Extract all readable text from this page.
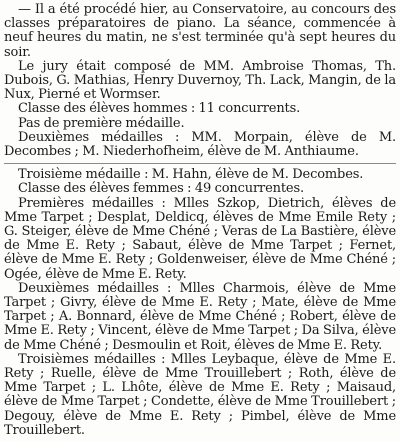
— Il a été procédé hier, au Conservatoire, au concours des classes préparatoires de piano. La séance, commencée à neuf heures du matin, ne s'est terminée qu'à sept heures du soir.

Le jury était composé de MM. Ambroise Thomas, Th. Dubois, G. Mathias, Henry Duvernoy, Th. Lack, Mangin, de la Nux, Pierné et Wormser.

Classe des élèves hommes : 11 concurrents.

Pas de première médaille.

Deuxièmes médailles : MM. Morpain, élève de M. Decombes ; M. Niederhofheim, élève de M. Anthiaume.

Troisième médaille : M. Hahn, élève de M. Decombes.

Classe des élèves femmes : 49 concurrentes.

Premières médailles : Mlles Szkop, Dietrich, élèves de Mme Tarpet ; Desplat, Deldicq, élèves de Mme Emile Rety ; G. Steiger, élève de Mme Chéné ; Veras de La Bastière, élève de Mme E. Rety ; Sabaut, élève de Mme Tarpet ; Fernet, élève de Mme E. Rety ; Goldenweiser, élève de Mme Chéné ; Ogée, élève de Mme E. Rety.

Deuxièmes médailles : Mlles Charmois, élève de Mme Tarpet ; Givry, élève de Mme E. Rety ; Mate, élève de Mme Tarpet ; A. Bonnard, élève de Mme Chéné ; Robert, élève de Mme E. Rety ; Vincent, élève de Mme Tarpet ; Da Silva, élève de Mme Chéné ; Desmoulin et Roit, élèves de Mme E. Rety.

Troisièmes médailles : Mlles Leybaque, élève de Mme E. Rety ; Ruelle, élève de Mme Trouillebert ; Roth, élève de Mme Tarpet ; L. Lhôte, élève de Mme E. Rety ; Maisaud, élève de Mme Tarpet ; Condette, élève de Mme Trouillebert ; Degouy, élève de Mme E. Rety ; Pimbel, élève de Mme Trouillebert.
